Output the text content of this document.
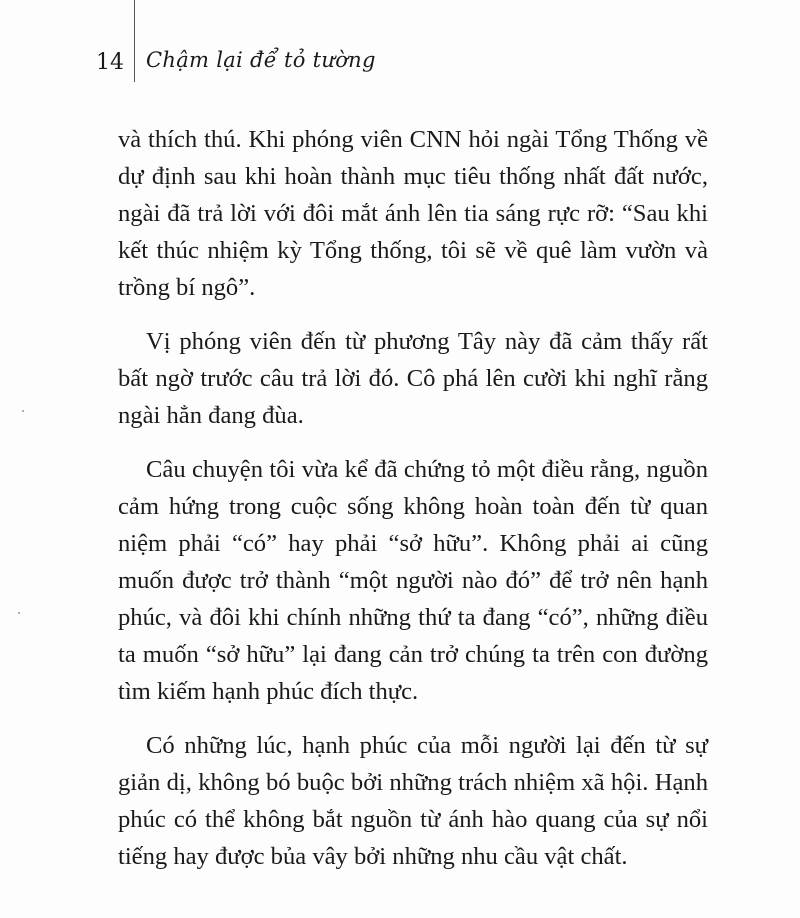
14 Chậm lại để tỏ tường

và thích thú. Khi phóng viên CNN hỏi ngài Tổng Thống về dự định sau khi hoàn thành mục tiêu thống nhất đất nước, ngài đã trả lời với đôi mắt ánh lên tia sáng rực rỡ: “Sau khi kết thúc nhiệm kỳ Tổng thống, tôi sẽ về quê làm vườn và trồng bí ngô”.

Vị phóng viên đến từ phương Tây này đã cảm thấy rất bất ngờ trước câu trả lời đó. Cô phá lên cười khi nghĩ rằng ngài hẳn đang đùa.

Câu chuyện tôi vừa kể đã chứng tỏ một điều rằng, nguồn cảm hứng trong cuộc sống không hoàn toàn đến từ quan niệm phải “có” hay phải “sở hữu”. Không phải ai cũng muốn được trở thành “một người nào đó” để trở nên hạnh phúc, và đôi khi chính những thứ ta đang “có”, những điều ta muốn “sở hữu” lại đang cản trở chúng ta trên con đường tìm kiếm hạnh phúc đích thực.

Có những lúc, hạnh phúc của mỗi người lại đến từ sự giản dị, không bó buộc bởi những trách nhiệm xã hội. Hạnh phúc có thể không bắt nguồn từ ánh hào quang của sự nổi tiếng hay được bủa vây bởi những nhu cầu vật chất.
